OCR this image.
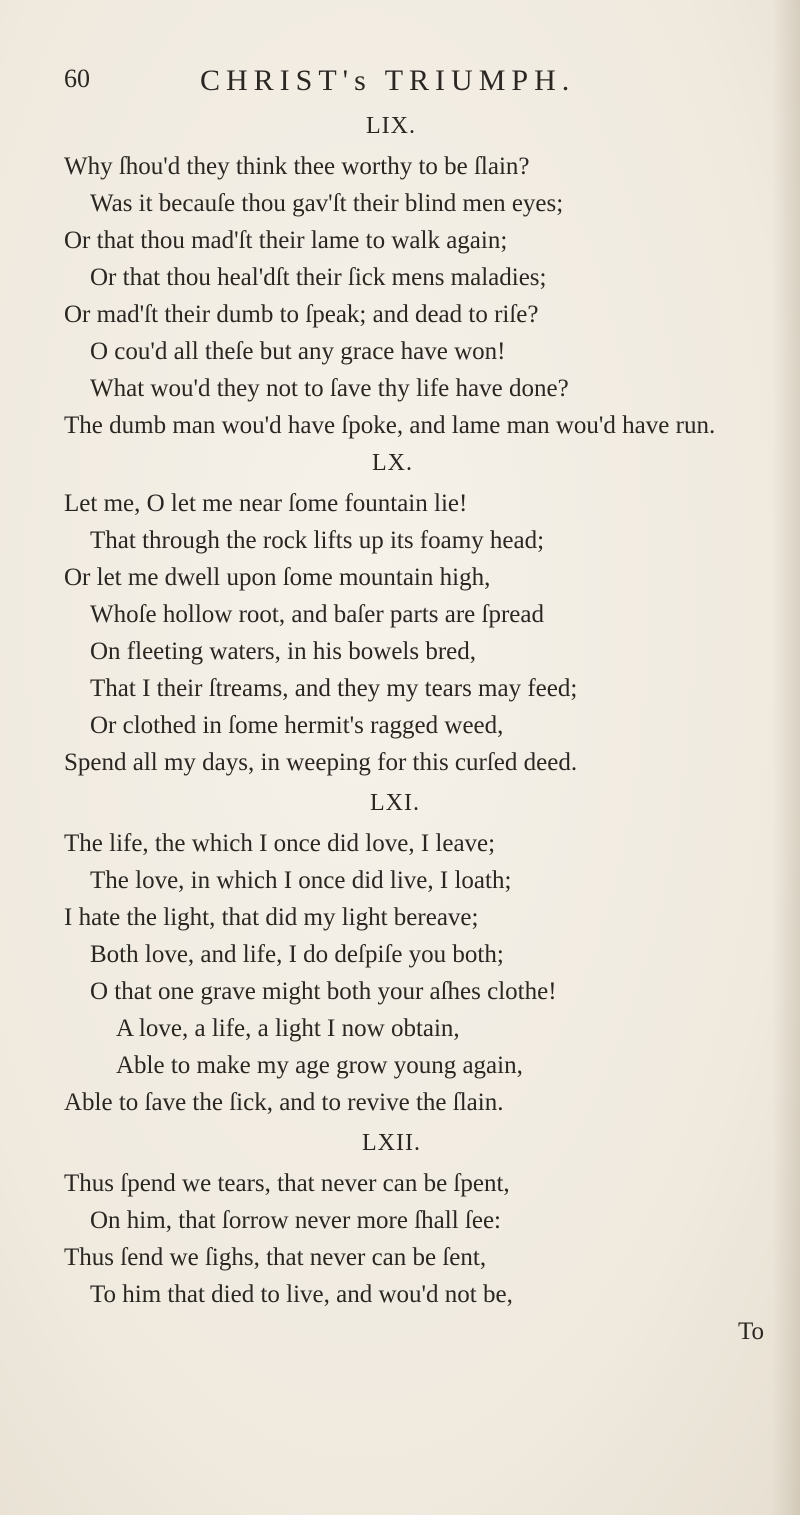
60	CHRIST's TRIUMPH.
LIX.
Why ſhou'd they think thee worthy to be ſlain?
Was it becauſe thou gav'ſt their blind men eyes;
Or that thou mad'ſt their lame to walk again;
Or that thou heal'dſt their ſick mens maladies;
Or mad'ſt their dumb to ſpeak; and dead to riſe?
O cou'd all theſe but any grace have won!
What wou'd they not to ſave thy life have done?
The dumb man wou'd have ſpoke, and lame man wou'd have run.
LX.
Let me, O let me near ſome fountain lie!
That through the rock lifts up its foamy head;
Or let me dwell upon ſome mountain high,
Whoſe hollow root, and baſer parts are ſpread
On fleeting waters, in his bowels bred,
That I their ſtreams, and they my tears may feed;
Or clothed in ſome hermit's ragged weed,
Spend all my days, in weeping for this curſed deed.
LXI.
The life, the which I once did love, I leave;
The love, in which I once did live, I loath;
I hate the light, that did my light bereave;
Both love, and life, I do deſpiſe you both;
O that one grave might both your aſhes clothe!
A love, a life, a light I now obtain,
Able to make my age grow young again,
Able to ſave the ſick, and to revive the ſlain.
LXII.
Thus ſpend we tears, that never can be ſpent,
On him, that ſorrow never more ſhall ſee:
Thus ſend we ſighs, that never can be ſent,
To him that died to live, and wou'd not be,
To
